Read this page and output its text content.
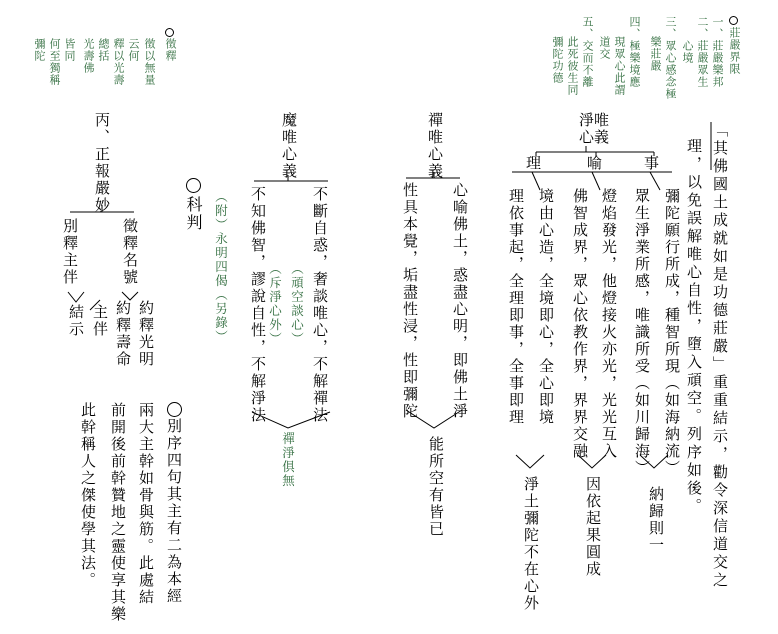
莊嚴界限
一、莊嚴樂邦
二、莊嚴眾生
心境
三、眾心感念極
樂莊嚴
四、極樂境應
現眾心此謂
道交
五、交而不離
此死彼生同
彌陀功德
徵釋
徵以無量
云何
釋以光壽
總括
光壽佛
皆同
何至獨稱
彌陀
「其佛國土成就如是功德莊嚴」重重結示，勸令深信道交之
理，以免誤解唯心自性，墮入頑空。列序如後。
淨唯心義
事
喻
理
彌陀願行所成，種智所現（如海納流）
眾生淨業所感，唯識所受（如川歸海）
燈焰發光，他燈接火亦光，光光互入
佛智成界，眾心依教作界，界界交融
境由心造，全境即心，全心即境
理依事起，全理即事，全事即理
納歸則一
因依起果圓成
淨土彌陀不在心外
禪唯心義
心喻佛土，惑盡心明，即佛土淨
性具本覺，垢盡性浸，性即彌陀
能所空有皆已
魔唯心義
不斷自惑，奢談唯心，不解禪法
（頑空談心）
不知佛智，謬說自性，不解淨法 （斥淨心外）
禪淨俱無
（附）永明四偈（另錄）
科判
丙、正報嚴妙
徵釋名號
別釋主伴
約釋光明
約釋壽命
主伴
結示
別序四句其主有二為本經
兩大主幹如骨與筋。此處結
前開後前幹贊地之靈使享其樂
此幹稱人之傑使學其法。
